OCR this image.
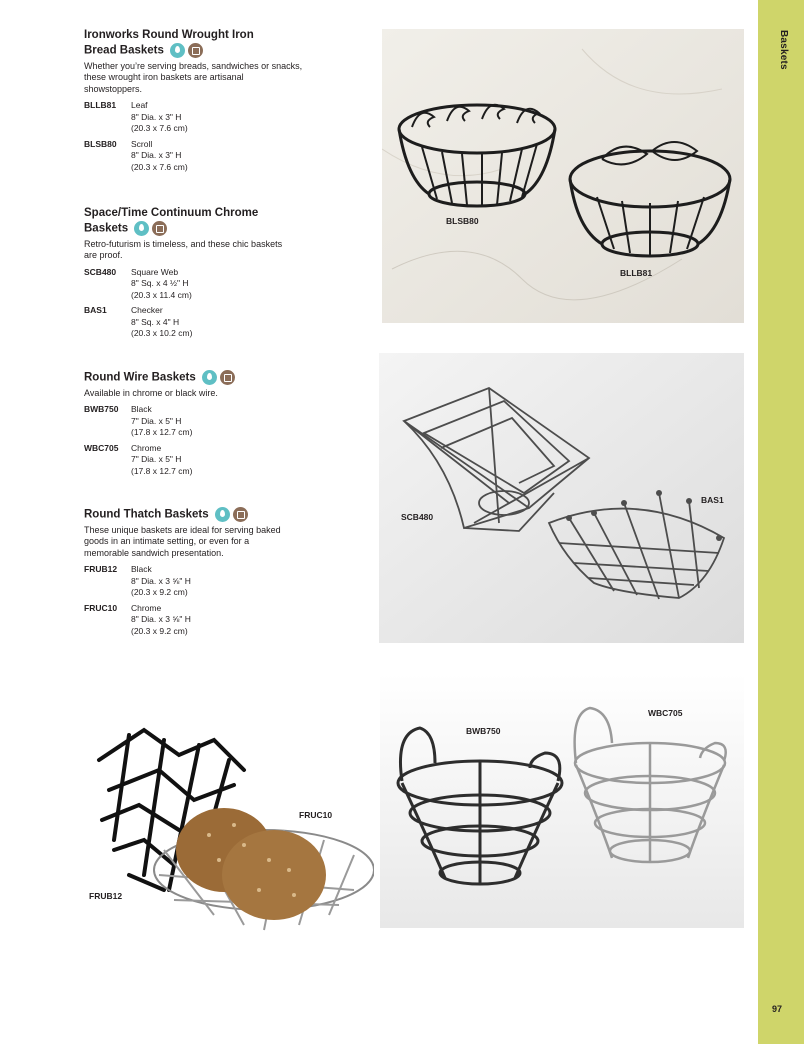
Baskets
97
Ironworks Round Wrought Iron
Bread Baskets
Whether you’re serving breads, sandwiches or snacks, these wrought iron baskets are artisanal showstoppers.
BLLB81	Leaf
8" Dia. x 3" H
(20.3 x 7.6 cm)
BLSB80	Scroll
8" Dia. x 3" H
(20.3 x 7.6 cm)
Space/Time Continuum Chrome
Baskets
Retro-futurism is timeless, and these chic baskets are proof.
SCB480	Square Web
8" Sq. x 4 ½" H
(20.3 x 11.4 cm)
BAS1	Checker
8" Sq. x 4" H
(20.3 x 10.2 cm)
Round Wire Baskets
Available in chrome or black wire.
BWB750	Black
7" Dia. x 5" H
(17.8 x 12.7 cm)
WBC705	Chrome
7" Dia. x 5" H
(17.8 x 12.7 cm)
Round Thatch Baskets
These unique baskets are ideal for serving baked goods in an intimate setting, or even for a memorable sandwich presentation.
FRUB12	Black
8" Dia. x 3 ⅝" H
(20.3 x 9.2 cm)
FRUC10	Chrome
8" Dia. x 3 ⅝" H
(20.3 x 9.2 cm)
BLSB80
BLLB81
SCB480
BAS1
FRUC10
FRUB12
BWB750
WBC705
